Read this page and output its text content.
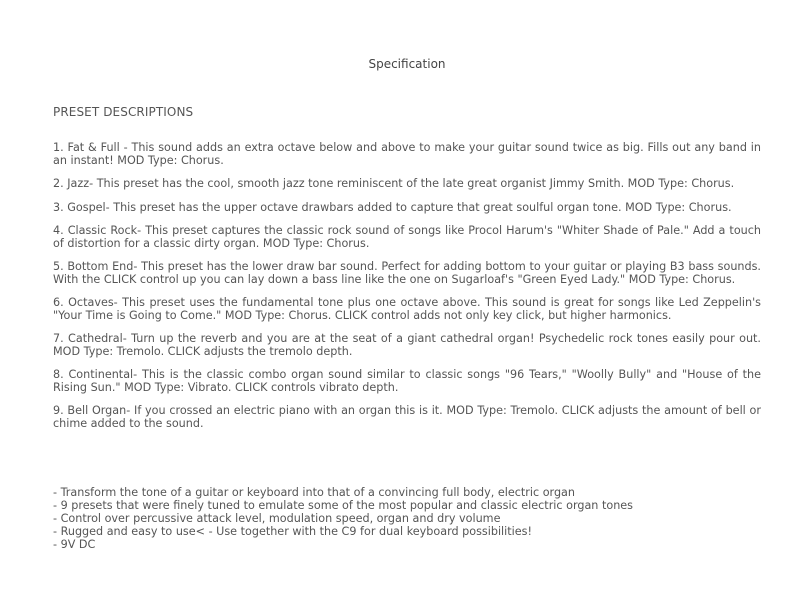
Specification
PRESET DESCRIPTIONS
1. Fat & Full - This sound adds an extra octave below and above to make your guitar sound twice as big. Fills out any band in an instant! MOD Type: Chorus.
2. Jazz- This preset has the cool, smooth jazz tone reminiscent of the late great organist Jimmy Smith. MOD Type: Chorus.
3. Gospel- This preset has the upper octave drawbars added to capture that great soulful organ tone. MOD Type: Chorus.
4. Classic Rock- This preset captures the classic rock sound of songs like Procol Harum's "Whiter Shade of Pale." Add a touch of distortion for a classic dirty organ. MOD Type: Chorus.
5. Bottom End- This preset has the lower draw bar sound. Perfect for adding bottom to your guitar or playing B3 bass sounds. With the CLICK control up you can lay down a bass line like the one on Sugarloaf's "Green Eyed Lady." MOD Type: Chorus.
6. Octaves- This preset uses the fundamental tone plus one octave above. This sound is great for songs like Led Zeppelin's "Your Time is Going to Come." MOD Type: Chorus. CLICK control adds not only key click, but higher harmonics.
7. Cathedral- Turn up the reverb and you are at the seat of a giant cathedral organ! Psychedelic rock tones easily pour out. MOD Type: Tremolo. CLICK adjusts the tremolo depth.
8. Continental- This is the classic combo organ sound similar to classic songs "96 Tears," "Woolly Bully" and "House of the Rising Sun." MOD Type: Vibrato. CLICK controls vibrato depth.
9. Bell Organ- If you crossed an electric piano with an organ this is it. MOD Type: Tremolo. CLICK adjusts the amount of bell or chime added to the sound.
- Transform the tone of a guitar or keyboard into that of a convincing full body, electric organ
- 9 presets that were finely tuned to emulate some of the most popular and classic electric organ tones
- Control over percussive attack level, modulation speed, organ and dry volume
- Rugged and easy to use< - Use together with the C9 for dual keyboard possibilities!
- 9V DC
